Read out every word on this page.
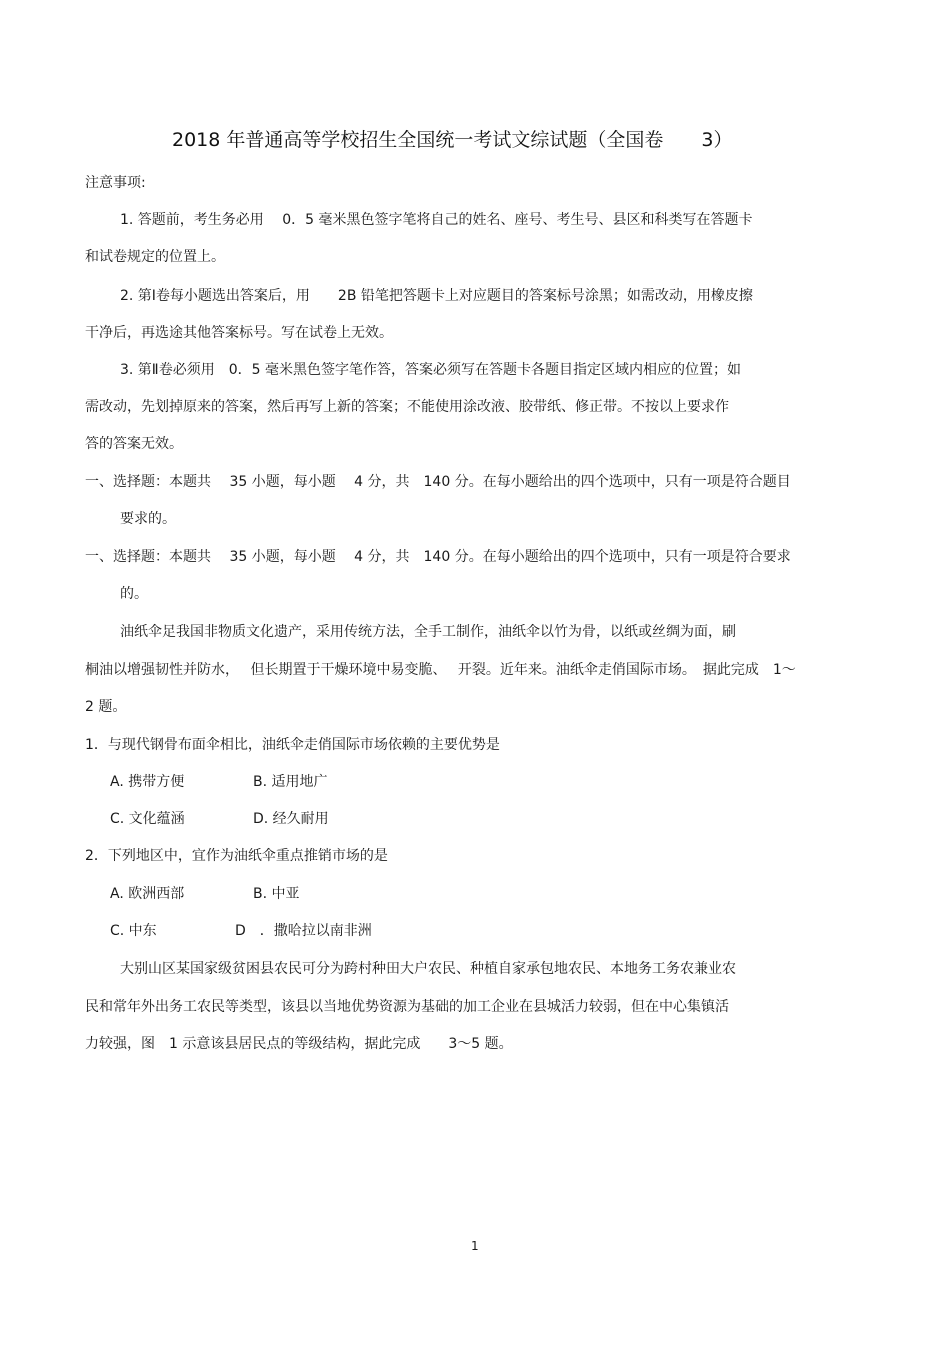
2018 年普通高等学校招生全国统一考试文综试题（全国卷　　3）
注意事项:
1. 答题前，考生务必用　 0．5 毫米黑色签字笔将自己的姓名、座号、考生号、县区和科类写在答题卡
和试卷规定的位置上。
2. 第Ⅰ卷每小题选出答案后，用　　2B 铅笔把答题卡上对应题目的答案标号涂黑；如需改动，用橡皮擦
干净后，再选途其他答案标号。写在试卷上无效。
3. 第Ⅱ卷必须用　0．5 毫米黑色签字笔作答，答案必须写在答题卡各题目指定区域内相应的位置；如
需改动，先划掉原来的答案，然后再写上新的答案；不能使用涂改液、胶带纸、修正带。不按以上要求作
答的答案无效。
一、选择题：本题共　 35 小题，每小题　 4 分，共　140 分。在每小题给出的四个选项中，只有一项是符合题目
要求的。
一、选择题：本题共　 35 小题，每小题　 4 分，共　140 分。在每小题给出的四个选项中，只有一项是符合要求
的。
油纸伞足我国非物质文化遗产，采用传统方法，全手工制作，油纸伞以竹为骨，以纸或丝绸为面，刷
桐油以增强韧性并防水，　 但长期置于干燥环境中易变脆、　 开裂。近年来。油纸伞走俏国际市场。　据此完成　1～
2 题。
1．与现代钢骨布面伞相比，油纸伞走俏国际市场依赖的主要优势是
A. 携带方便	B. 适用地广
C. 文化蕴涵	D. 经久耐用
2．下列地区中，宜作为油纸伞重点推销市场的是
A. 欧洲西部	B. 中亚
C. 中东	D　．撒哈拉以南非洲
大别山区某国家级贫困县农民可分为跨村种田大户农民、种植自家承包地农民、本地务工务农兼业农
民和常年外出务工农民等类型，该县以当地优势资源为基础的加工企业在县城活力较弱，但在中心集镇活
力较强，图　1 示意该县居民点的等级结构，据此完成　　3～5 题。
1
